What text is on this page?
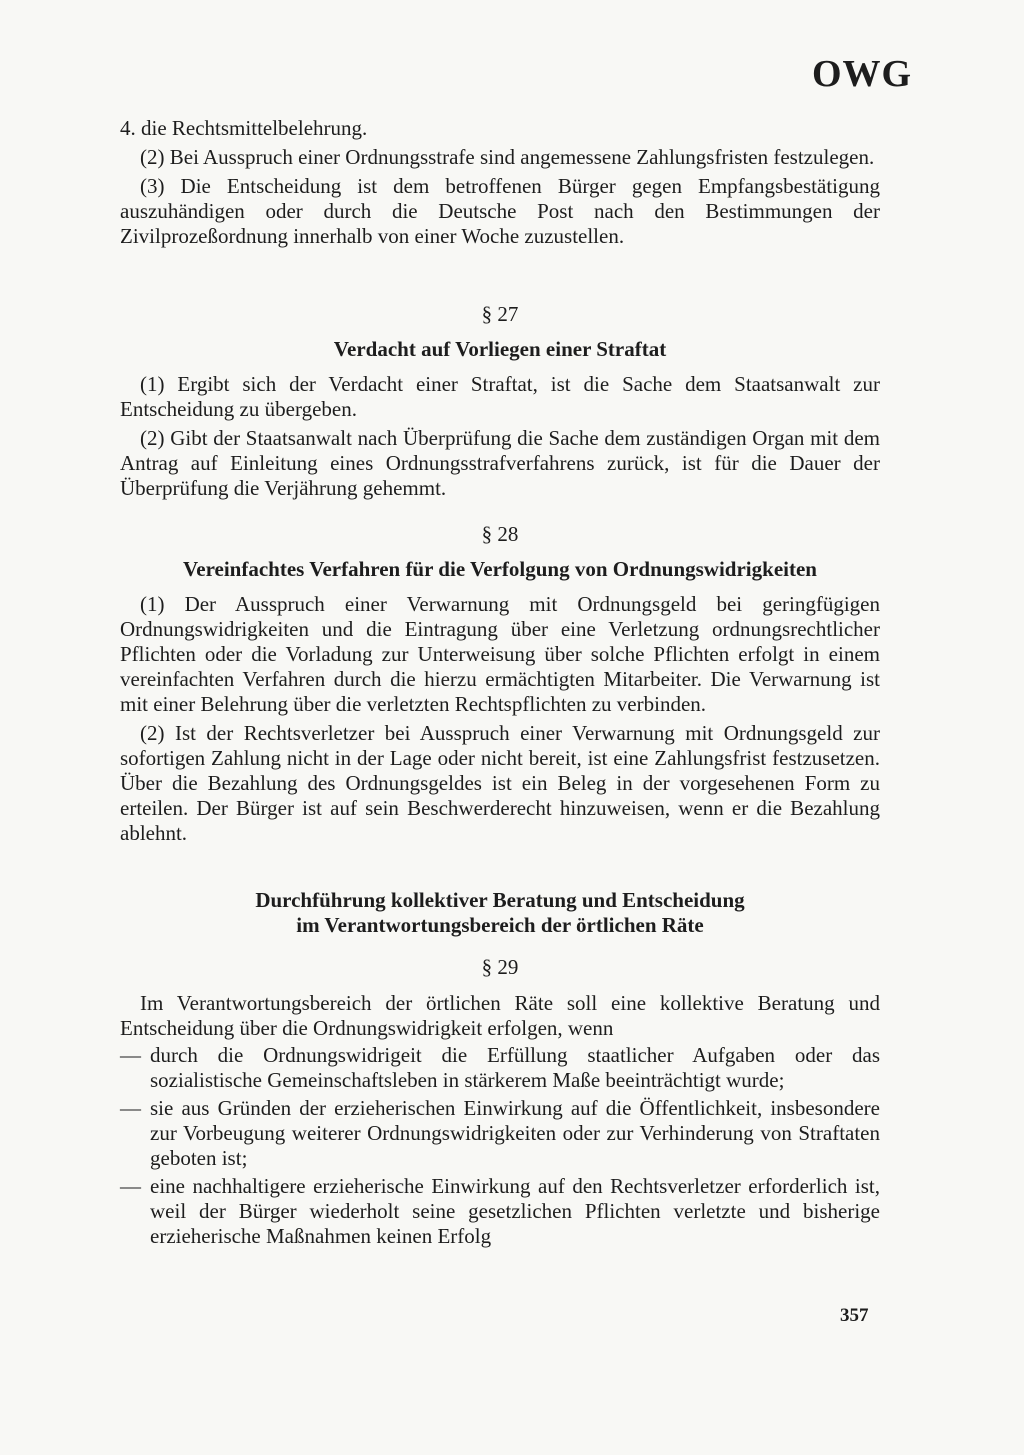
OWG

4. die Rechtsmittelbelehrung.

(2) Bei Ausspruch einer Ordnungsstrafe sind angemessene Zahlungsfristen festzulegen.

(3) Die Entscheidung ist dem betroffenen Bürger gegen Empfangsbestätigung auszuhändigen oder durch die Deutsche Post nach den Bestimmungen der Zivilprozeßordnung innerhalb von einer Woche zuzustellen.

§ 27
Verdacht auf Vorliegen einer Straftat

(1) Ergibt sich der Verdacht einer Straftat, ist die Sache dem Staatsanwalt zur Entscheidung zu übergeben.

(2) Gibt der Staatsanwalt nach Überprüfung die Sache dem zuständigen Organ mit dem Antrag auf Einleitung eines Ordnungsstrafverfahrens zurück, ist für die Dauer der Überprüfung die Verjährung gehemmt.

§ 28
Vereinfachtes Verfahren für die Verfolgung von Ordnungswidrigkeiten

(1) Der Ausspruch einer Verwarnung mit Ordnungsgeld bei geringfügigen Ordnungswidrigkeiten und die Eintragung über eine Verletzung ordnungsrechtlicher Pflichten oder die Vorladung zur Unterweisung über solche Pflichten erfolgt in einem vereinfachten Verfahren durch die hierzu ermächtigten Mitarbeiter. Die Verwarnung ist mit einer Belehrung über die verletzten Rechtspflichten zu verbinden.

(2) Ist der Rechtsverletzer bei Ausspruch einer Verwarnung mit Ordnungsgeld zur sofortigen Zahlung nicht in der Lage oder nicht bereit, ist eine Zahlungsfrist festzusetzen. Über die Bezahlung des Ordnungsgeldes ist ein Beleg in der vorgesehenen Form zu erteilen. Der Bürger ist auf sein Beschwerderecht hinzuweisen, wenn er die Bezahlung ablehnt.

Durchführung kollektiver Beratung und Entscheidung
im Verantwortungsbereich der örtlichen Räte
§ 29

Im Verantwortungsbereich der örtlichen Räte soll eine kollektive Beratung und Entscheidung über die Ordnungswidrigkeit erfolgen, wenn

— durch die Ordnungswidrigeit die Erfüllung staatlicher Aufgaben oder das sozialistische Gemeinschaftsleben in stärkerem Maße beeinträchtigt wurde;
— sie aus Gründen der erzieherischen Einwirkung auf die Öffentlichkeit, insbesondere zur Vorbeugung weiterer Ordnungswidrigkeiten oder zur Verhinderung von Straftaten geboten ist;
— eine nachhaltigere erzieherische Einwirkung auf den Rechtsverletzer erforderlich ist, weil der Bürger wiederholt seine gesetzlichen Pflichten verletzte und bisherige erzieherische Maßnahmen keinen Erfolg
357
